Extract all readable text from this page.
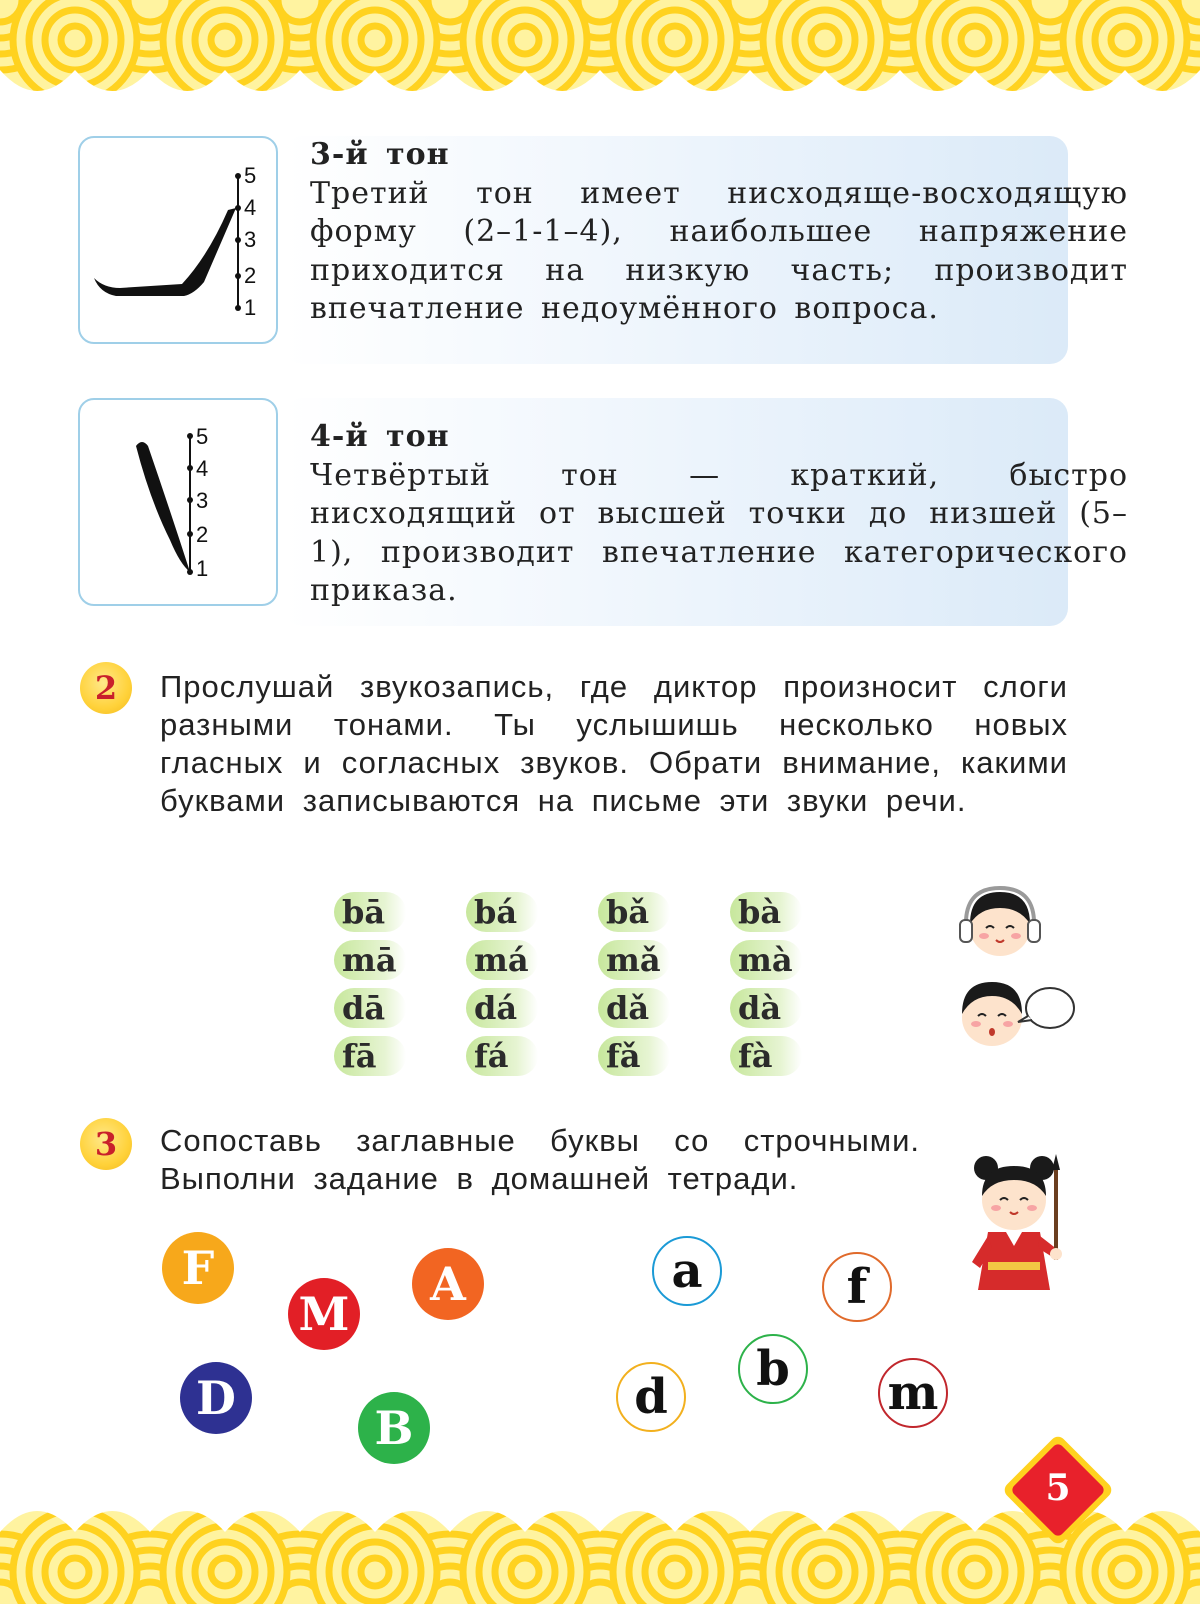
5
4
3
2
1
3-й тон
Третий тон имеет нисходяще-восходящую форму (2–1-1–4), наибольшее напряжение приходится на низкую часть; производит впечатление недоумённого вопроса.
5
4
3
2
1
4-й тон
Четвёртый тон — краткий, быстро нисходящий от высшей точки до низшей (5–1), производит впечатление категорического приказа.
2	Прослушай звукозапись, где диктор произносит слоги разными тонами. Ты услышишь несколько новых гласных и согласных звуков. Обрати внимание, какими буквами записываются на письме эти звуки речи.
bā	bá	bǎ	bà
mā má mǎ mà
dā	dá	dǎ	dà
fā	fá	fǎ	fà
3	Сопоставь заглавные буквы со строчными. Выполни задание в домашней тетради.
F
M
A
D
B
a	f
b
d	m
5
